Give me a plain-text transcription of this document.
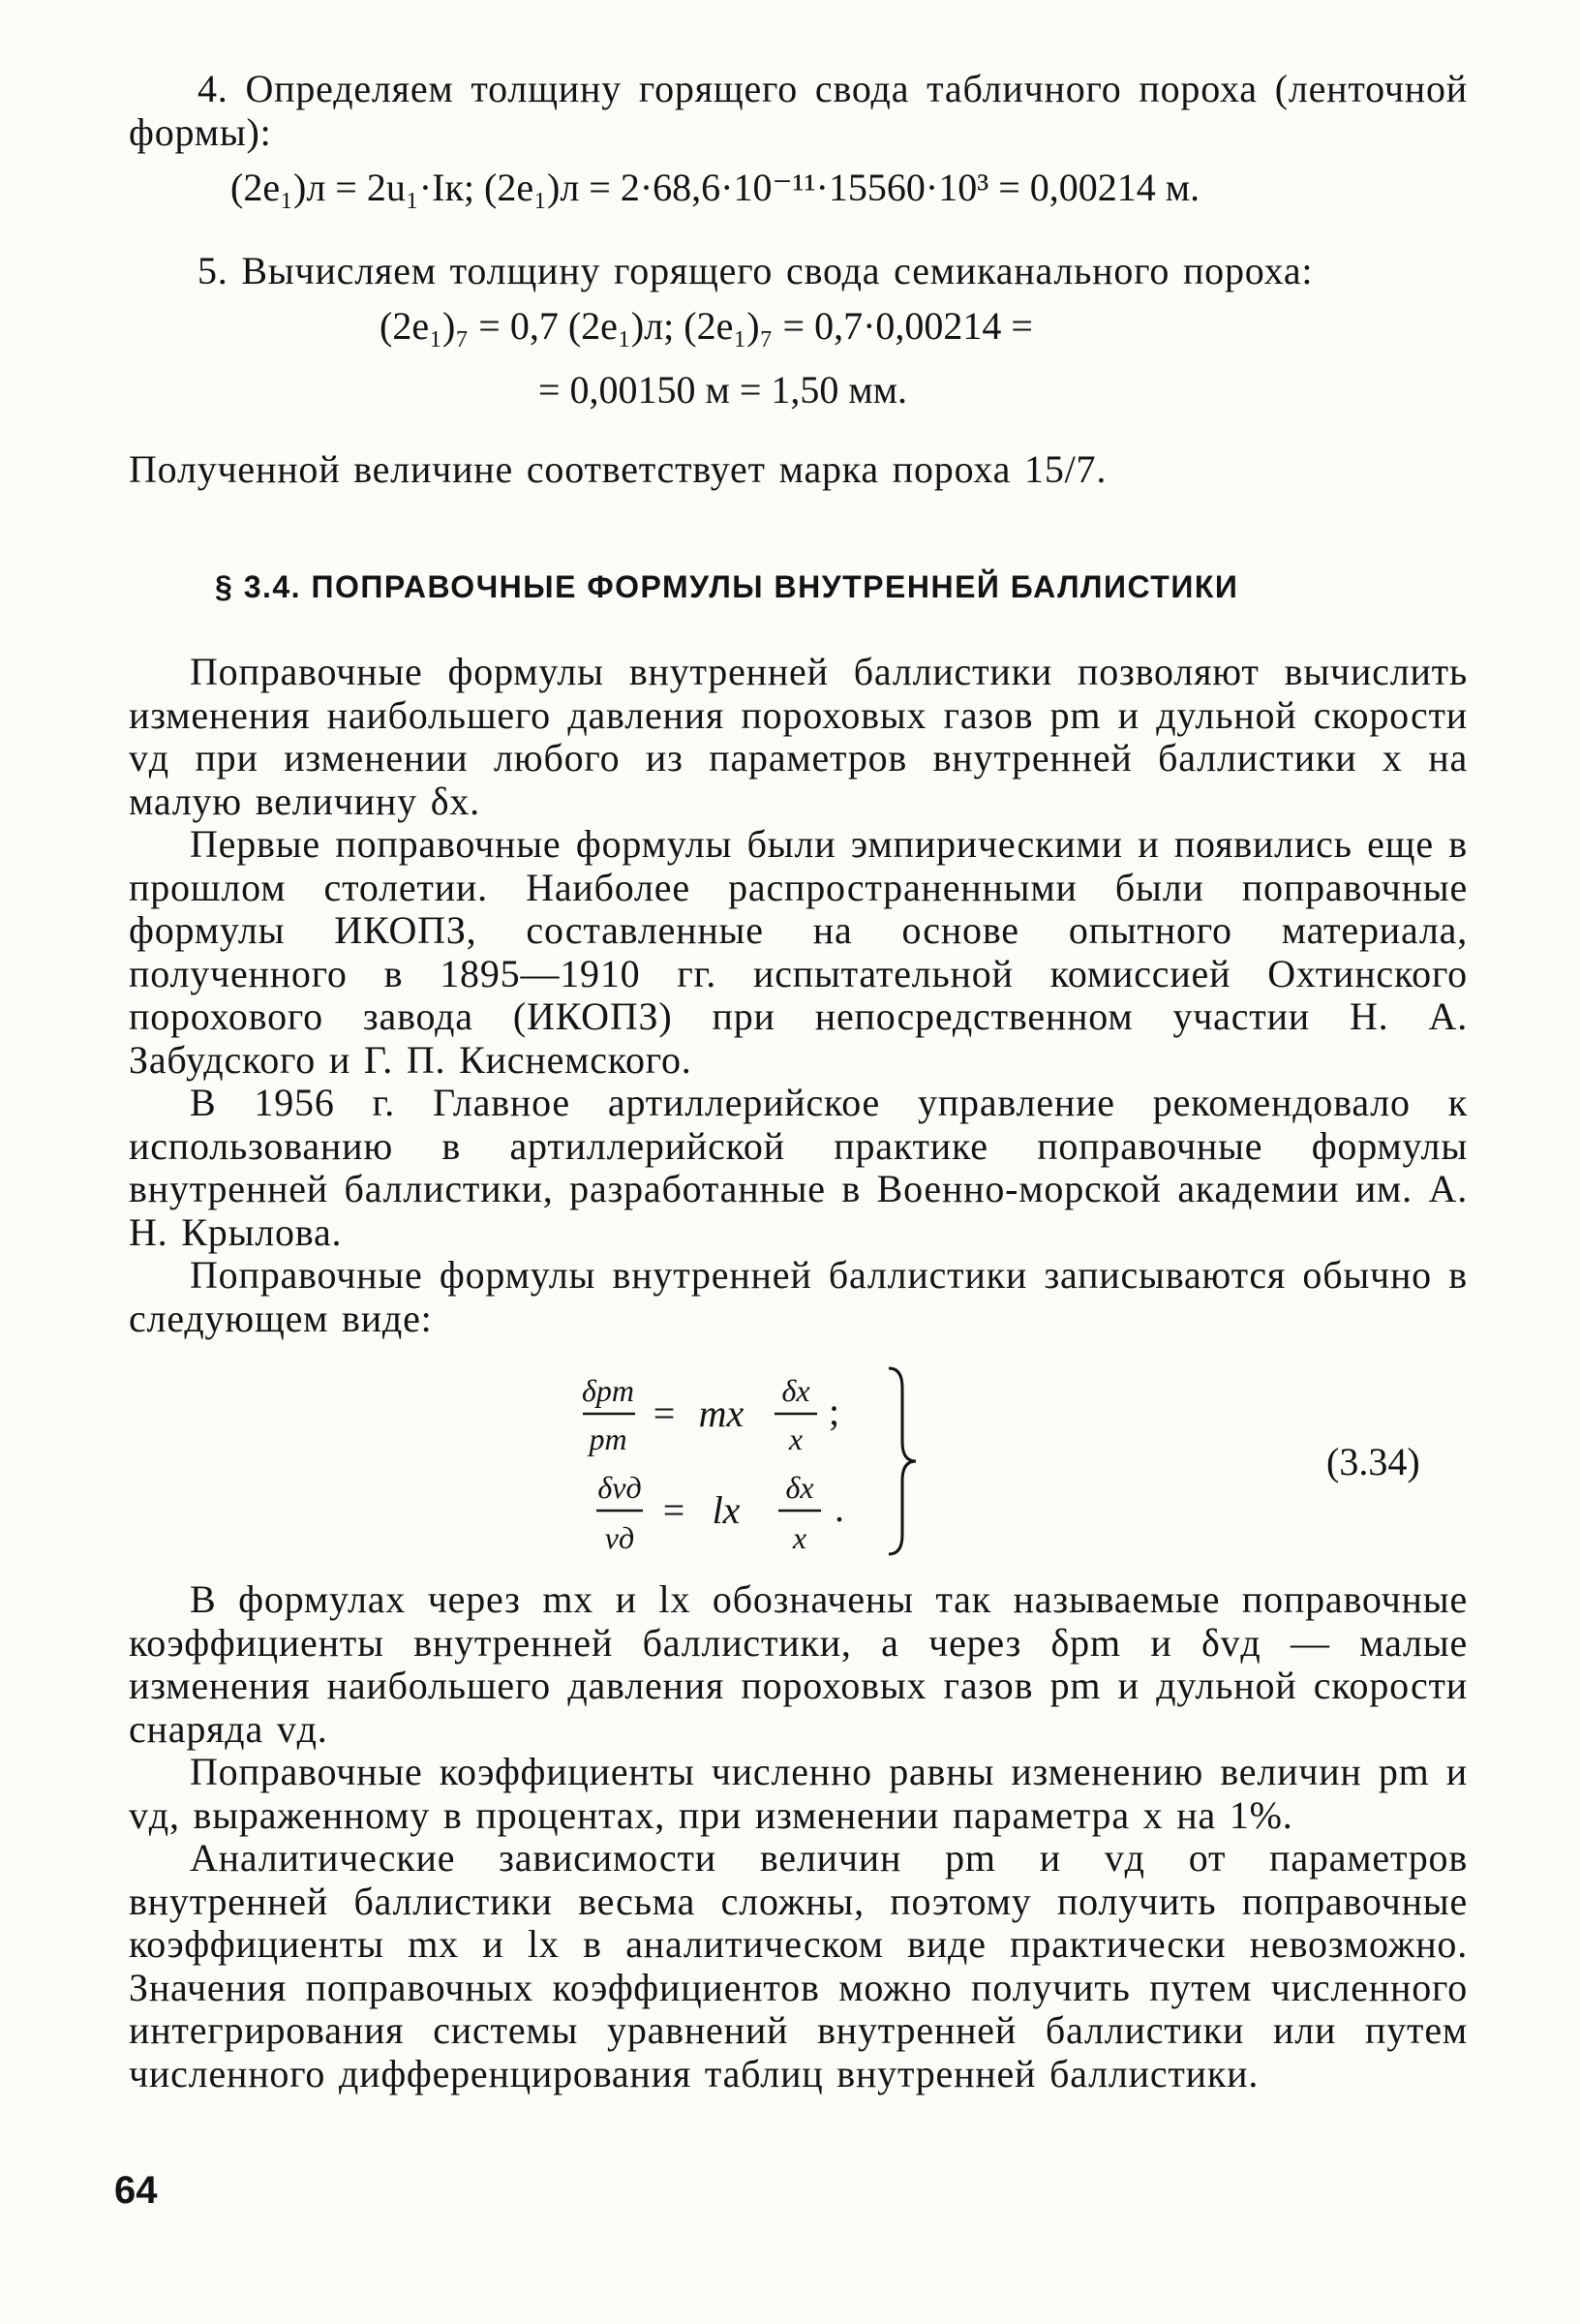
4. Определяем толщину горящего свода табличного пороха (ленточной формы):
(2e₁)л = 2u₁·Iк; (2e₁)л = 2·68,6·10⁻¹¹·15560·10³ = 0,00214 м.
5. Вычисляем толщину горящего свода семиканального пороха:
(2e₁)₇ = 0,7 (2e₁)л; (2e₁)₇ = 0,7·0,00214 =
= 0,00150 м = 1,50 мм.
Полученной величине соответствует марка пороха 15/7.
§ 3.4. ПОПРАВОЧНЫЕ ФОРМУЛЫ ВНУТРЕННЕЙ БАЛЛИСТИКИ

Поправочные формулы внутренней баллистики позволяют вычислить изменения наибольшего давления пороховых газов pm и дульной скорости vд при изменении любого из параметров внутренней баллистики x на малую величину δx.

Первые поправочные формулы были эмпирическими и появились еще в прошлом столетии. Наиболее распространенными были поправочные формулы ИКОПЗ, составленные на основе опытного материала, полученного в 1895—1910 гг. испытательной комиссией Охтинского порохового завода (ИКОПЗ) при непосредственном участии Н. А. Забудского и Г. П. Киснемского.

В 1956 г. Главное артиллерийское управление рекомендовало к использованию в артиллерийской практике поправочные формулы внутренней баллистики, разработанные в Военно-морской академии им. А. Н. Крылова.

Поправочные формулы внутренней баллистики записываются обычно в следующем виде:

δpm
pm
= mx
δx
x
;
δvд
vд
= lx
δx
x
.
(3.34)

В формулах через mx и lx обозначены так называемые поправочные коэффициенты внутренней баллистики, а через δpm и δvд — малые изменения наибольшего давления пороховых газов pm и дульной скорости снаряда vд.

Поправочные коэффициенты численно равны изменению величин pm и vд, выраженному в процентах, при изменении параметра x на 1%.

Аналитические зависимости величин pm и vд от параметров внутренней баллистики весьма сложны, поэтому получить поправочные коэффициенты mx и lx в аналитическом виде практически невозможно. Значения поправочных коэффициентов можно получить путем численного интегрирования системы уравнений внутренней баллистики или путем численного дифференцирования таблиц внутренней баллистики.

64
